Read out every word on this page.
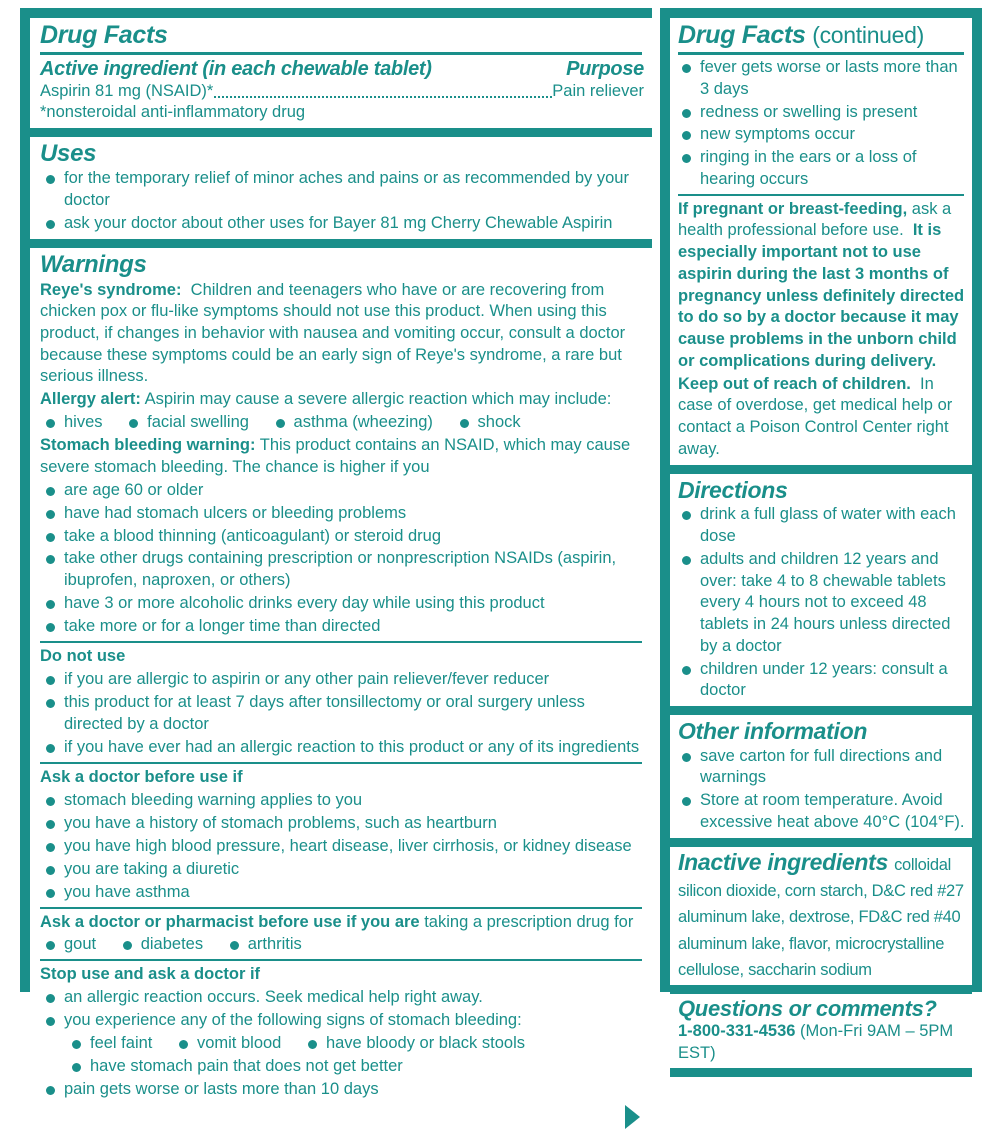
Drug Facts
Active ingredient (in each chewable tablet)	Purpose
Aspirin 81 mg (NSAID)*	Pain reliever
*nonsteroidal anti-inflammatory drug
Uses
for the temporary relief of minor aches and pains or as recommended by your doctor
ask your doctor about other uses for Bayer 81 mg Cherry Chewable Aspirin
Warnings
Reye's syndrome: Children and teenagers who have or are recovering from chicken pox or flu-like symptoms should not use this product. When using this product, if changes in behavior with nausea and vomiting occur, consult a doctor because these symptoms could be an early sign of Reye's syndrome, a rare but serious illness.
Allergy alert: Aspirin may cause a severe allergic reaction which may include:
hives	facial swelling	asthma (wheezing)	shock
Stomach bleeding warning: This product contains an NSAID, which may cause severe stomach bleeding. The chance is higher if you
are age 60 or older
have had stomach ulcers or bleeding problems
take a blood thinning (anticoagulant) or steroid drug
take other drugs containing prescription or nonprescription NSAIDs (aspirin, ibuprofen, naproxen, or others)
have 3 or more alcoholic drinks every day while using this product
take more or for a longer time than directed
Do not use
if you are allergic to aspirin or any other pain reliever/fever reducer
this product for at least 7 days after tonsillectomy or oral surgery unless directed by a doctor
if you have ever had an allergic reaction to this product or any of its ingredients
Ask a doctor before use if
stomach bleeding warning applies to you
you have a history of stomach problems, such as heartburn
you have high blood pressure, heart disease, liver cirrhosis, or kidney disease
you are taking a diuretic
you have asthma
Ask a doctor or pharmacist before use if you are taking a prescription drug for
gout	diabetes	arthritis
Stop use and ask a doctor if
an allergic reaction occurs. Seek medical help right away.
you experience any of the following signs of stomach bleeding:
feel faint	vomit blood	have bloody or black stools
have stomach pain that does not get better
pain gets worse or lasts more than 10 days
Drug Facts (continued)
fever gets worse or lasts more than 3 days
redness or swelling is present
new symptoms occur
ringing in the ears or a loss of hearing occurs
If pregnant or breast-feeding, ask a health professional before use. It is especially important not to use aspirin during the last 3 months of pregnancy unless definitely directed to do so by a doctor because it may cause problems in the unborn child or complications during delivery.
Keep out of reach of children. In case of overdose, get medical help or contact a Poison Control Center right away.
Directions
drink a full glass of water with each dose
adults and children 12 years and over: take 4 to 8 chewable tablets every 4 hours not to exceed 48 tablets in 24 hours unless directed by a doctor
children under 12 years: consult a doctor
Other information
save carton for full directions and warnings
Store at room temperature. Avoid excessive heat above 40°C (104°F).
Inactive ingredients colloidal silicon dioxide, corn starch, D&C red #27 aluminum lake, dextrose, FD&C red #40 aluminum lake, flavor, microcrystalline cellulose, saccharin sodium
Questions or comments?
1-800-331-4536 (Mon-Fri 9AM – 5PM EST)
